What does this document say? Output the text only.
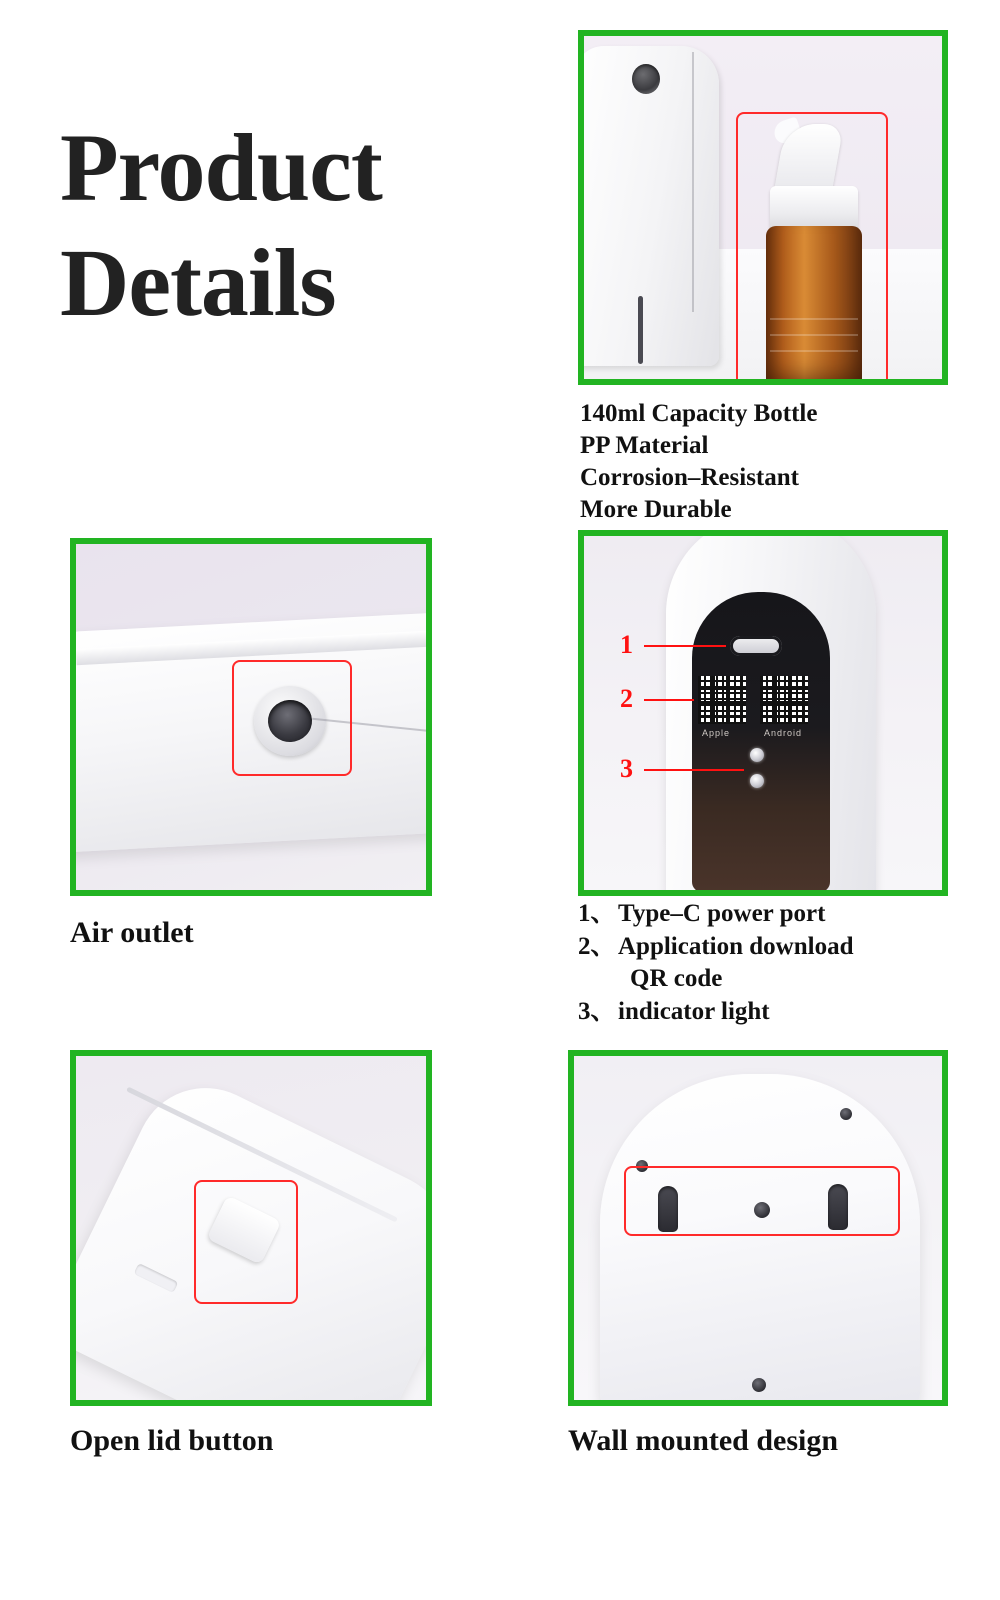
Product
Details
140ml Capacity Bottle
PP Material
Corrosion–Resistant
More Durable
Air outlet
Apple	Android
1
2
3
1、Type–C power port
2、Application download
QR code
3、indicator light
Open lid button	Wall mounted design
